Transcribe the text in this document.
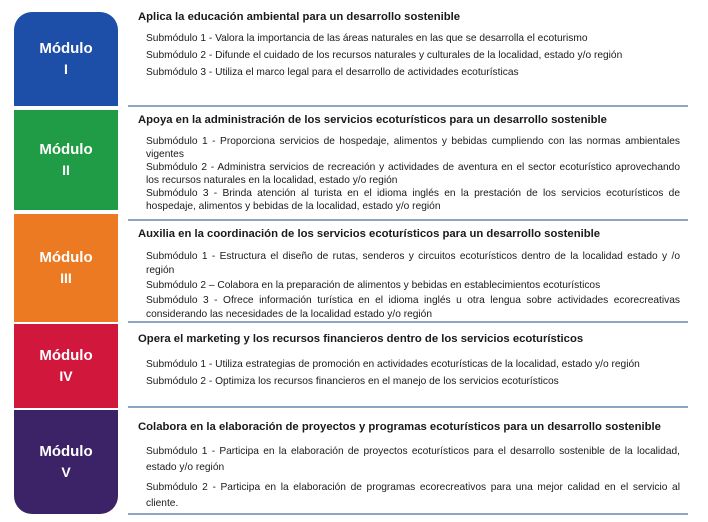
Módulo
I
Aplica la educación ambiental para un desarrollo sostenible

Submódulo 1 - Valora la importancia de las áreas naturales en las que se desarrolla el ecoturismo

Submódulo 2 - Difunde el cuidado de los recursos naturales y culturales de la localidad, estado y/o región

Submódulo 3 - Utiliza el marco legal para el desarrollo de actividades ecoturísticas

Módulo
II
Apoya en la administración de los servicios ecoturísticos para un desarrollo sostenible

Submódulo 1 - Proporciona servicios de hospedaje, alimentos y bebidas cumpliendo con las normas ambientales vigentes

Submódulo 2 - Administra servicios de recreación y actividades de aventura en el sector ecoturístico aprovechando los recursos naturales en la localidad, estado y/o región

Submódulo 3 - Brinda atención al turista en el idioma inglés en la prestación de los servicios ecoturísticos de hospedaje, alimentos y bebidas de la localidad, estado y/o región

Módulo
III
Auxilia en la coordinación de los servicios ecoturísticos para un desarrollo sostenible

Submódulo 1 - Estructura el diseño de rutas, senderos y circuitos ecoturísticos dentro de la localidad estado y /o región

Submódulo 2 – Colabora en la preparación de alimentos y bebidas en establecimientos ecoturísticos

Submódulo 3 - Ofrece información turística en el idioma inglés u otra lengua sobre actividades ecorecreativas considerando las necesidades de la localidad estado y/o región

Módulo
IV
Opera el marketing y los recursos financieros dentro de los servicios ecoturísticos

Submódulo 1 - Utiliza estrategias de promoción en actividades ecoturísticas de la localidad, estado y/o región

Submódulo 2 - Optimiza los recursos financieros en el manejo de los servicios ecoturísticos

Módulo
V
Colabora en la elaboración de proyectos y programas ecoturísticos para un desarrollo sostenible

Submódulo 1 - Participa en la elaboración de proyectos ecoturísticos para el desarrollo sostenible de la localidad, estado y/o región

Submódulo 2 - Participa en la elaboración de programas ecorecreativos para una mejor calidad en el servicio al cliente.
